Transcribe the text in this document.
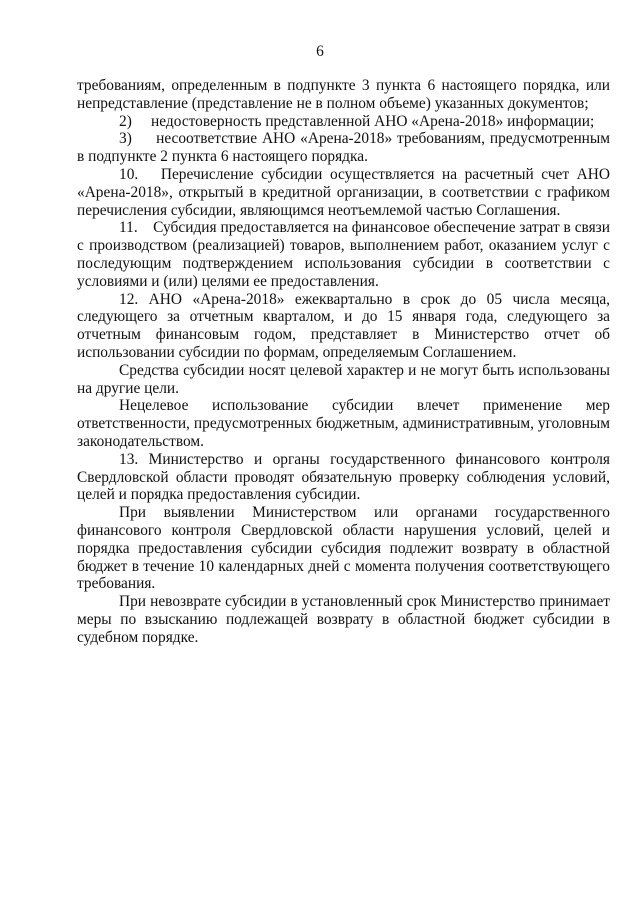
6

требованиям, определенным в подпункте 3 пункта 6 настоящего порядка, или непредставление (представление не в полном объеме) указанных документов;

2)     недостоверность представленной АНО «Арена-2018» информации;

3)     несоответствие АНО «Арена-2018» требованиям, предусмотренным в подпункте 2 пункта 6 настоящего порядка.

10.   Перечисление субсидии осуществляется на расчетный счет АНО «Арена-2018», открытый в кредитной организации, в соответствии с графиком перечисления субсидии, являющимся неотъемлемой частью Соглашения.

11.    Субсидия предоставляется на финансовое обеспечение затрат в связи с производством (реализацией) товаров, выполнением работ, оказанием услуг с последующим подтверждением использования субсидии в соответствии с условиями и (или) целями ее предоставления.

12. АНО «Арена-2018» ежеквартально в срок до 05 числа месяца, следующего за отчетным кварталом, и до 15 января года, следующего за отчетным финансовым годом, представляет в Министерство отчет об использовании субсидии по формам, определяемым Соглашением.

Средства субсидии носят целевой характер и не могут быть использованы на другие цели.

Нецелевое использование субсидии влечет применение мер ответственности, предусмотренных бюджетным, административным, уголовным законодательством.

13. Министерство и органы государственного финансового контроля Свердловской области проводят обязательную проверку соблюдения условий, целей и порядка предоставления субсидии.

При выявлении Министерством или органами государственного финансового контроля Свердловской области нарушения условий, целей и порядка предоставления субсидии субсидия подлежит возврату в областной бюджет в течение 10 календарных дней с момента получения соответствующего требования.

При невозврате субсидии в установленный срок Министерство принимает меры по взысканию подлежащей возврату в областной бюджет субсидии в судебном порядке.
